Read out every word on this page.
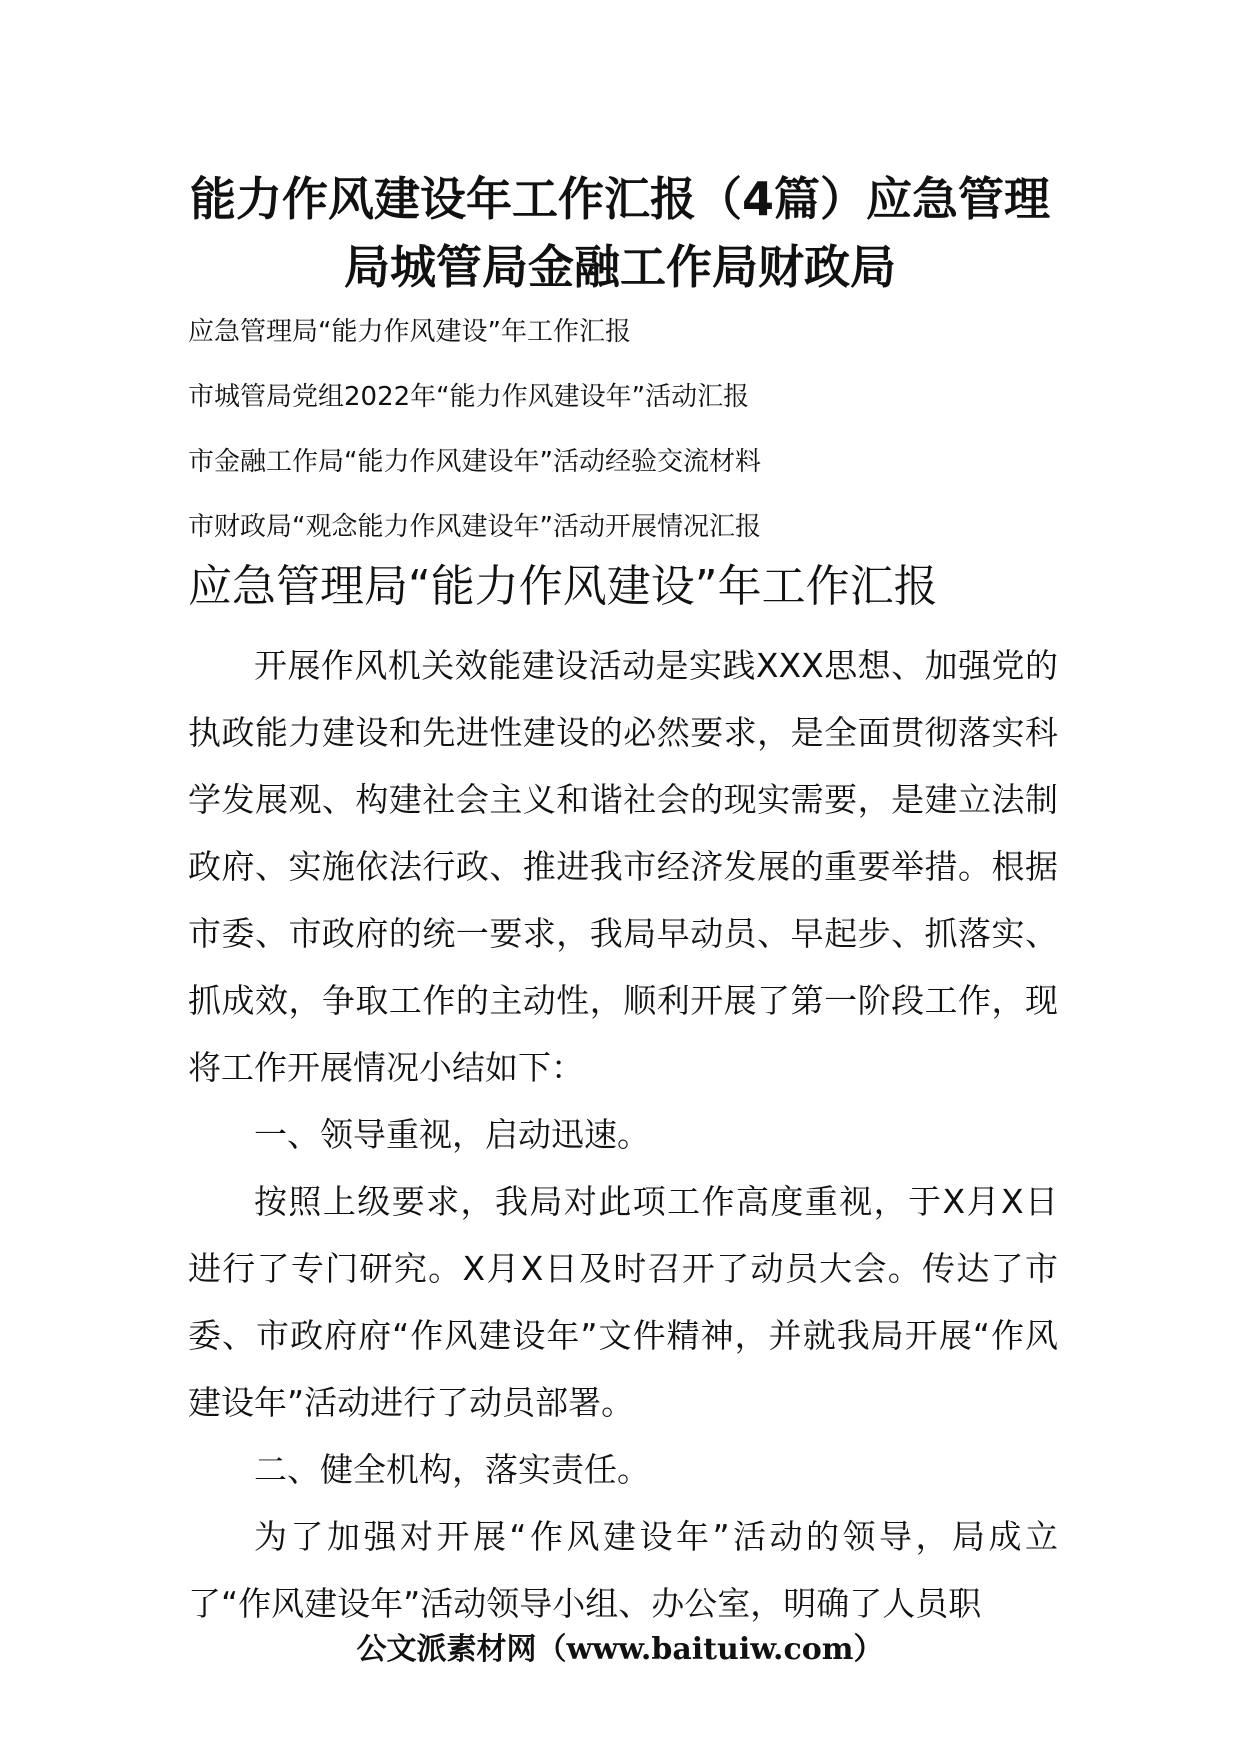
能力作风建设年工作汇报（4篇）应急管理
局城管局金融工作局财政局
应急管理局“能力作风建设”年工作汇报
市城管局党组2022年“能力作风建设年”活动汇报
市金融工作局“能力作风建设年”活动经验交流材料
市财政局“观念能力作风建设年”活动开展情况汇报
应急管理局“能力作风建设”年工作汇报

开展作风机关效能建设活动是实践XXX思想、加强党的执政能力建设和先进性建设的必然要求，是全面贯彻落实科学发展观、构建社会主义和谐社会的现实需要，是建立法制政府、实施依法行政、推进我市经济发展的重要举措。根据市委、市政府的统一要求，我局早动员、早起步、抓落实、抓成效，争取工作的主动性，顺利开展了第一阶段工作，现将工作开展情况小结如下：

一、领导重视，启动迅速。

按照上级要求，我局对此项工作高度重视，于X月X日进行了专门研究。X月X日及时召开了动员大会。传达了市委、市政府府“作风建设年”文件精神，并就我局开展“作风建设年”活动进行了动员部署。

二、健全机构，落实责任。

为了加强对开展“作风建设年”活动的领导，局成立了“作风建设年”活动领导小组、办公室，明确了人员职

公文派素材网（www.baituiw.com）
